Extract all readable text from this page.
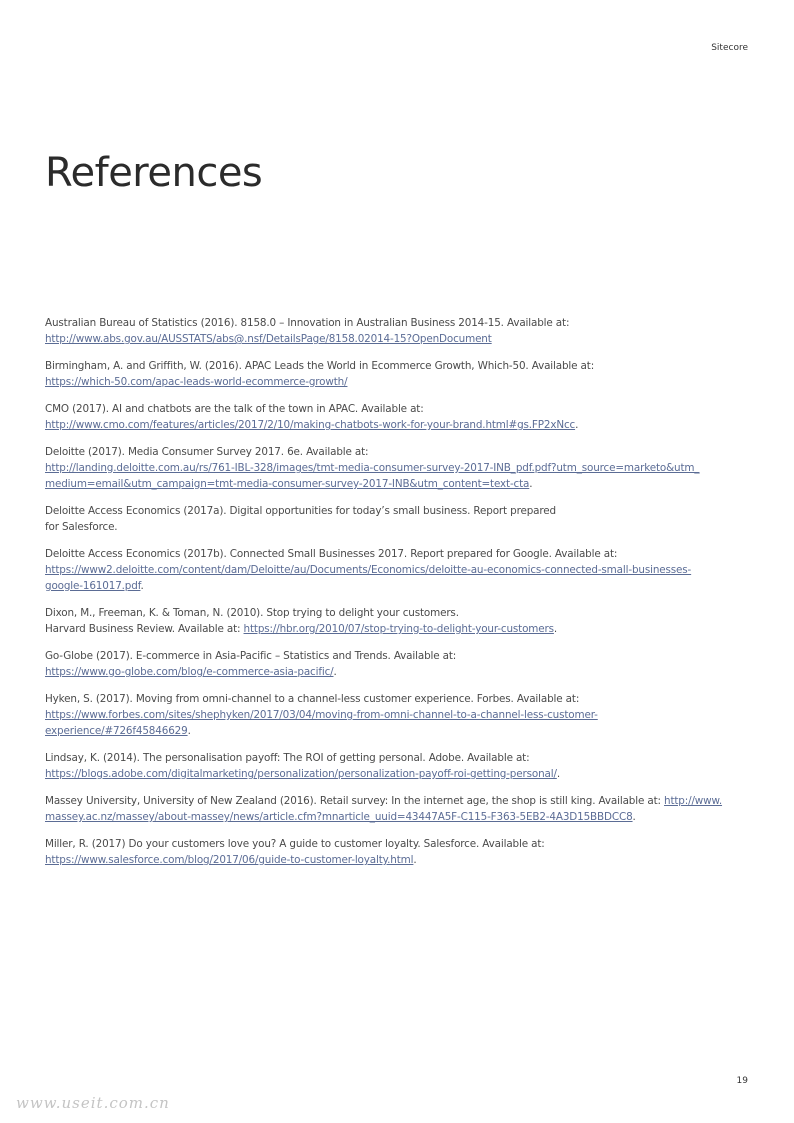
Sitecore
References

Australian Bureau of Statistics (2016). 8158.0 – Innovation in Australian Business 2014-15. Available at:
http://www.abs.gov.au/AUSSTATS/abs@.nsf/DetailsPage/8158.02014-15?OpenDocument

Birmingham, A. and Griffith, W. (2016). APAC Leads the World in Ecommerce Growth, Which-50. Available at:
https://which-50.com/apac-leads-world-ecommerce-growth/

CMO (2017). AI and chatbots are the talk of the town in APAC. Available at:
http://www.cmo.com/features/articles/2017/2/10/making-chatbots-work-for-your-brand.html#gs.FP2xNcc.

Deloitte (2017). Media Consumer Survey 2017. 6e. Available at:
http://landing.deloitte.com.au/rs/761-IBL-328/images/tmt-media-consumer-survey-2017-INB_pdf.pdf?utm_source=marketo&utm_
medium=email&utm_campaign=tmt-media-consumer-survey-2017-INB&utm_content=text-cta.

Deloitte Access Economics (2017a). Digital opportunities for today’s small business. Report prepared
for Salesforce.

Deloitte Access Economics (2017b). Connected Small Businesses 2017. Report prepared for Google. Available at:
https://www2.deloitte.com/content/dam/Deloitte/au/Documents/Economics/deloitte-au-economics-connected-small-businesses-
google-161017.pdf.

Dixon, M., Freeman, K. & Toman, N. (2010). Stop trying to delight your customers.
Harvard Business Review. Available at: https://hbr.org/2010/07/stop-trying-to-delight-your-customers.

Go-Globe (2017). E-commerce in Asia-Pacific – Statistics and Trends. Available at:
https://www.go-globe.com/blog/e-commerce-asia-pacific/.

Hyken, S. (2017). Moving from omni-channel to a channel-less customer experience. Forbes. Available at:
https://www.forbes.com/sites/shephyken/2017/03/04/moving-from-omni-channel-to-a-channel-less-customer-
experience/#726f45846629.

Lindsay, K. (2014). The personalisation payoff: The ROI of getting personal. Adobe. Available at:
https://blogs.adobe.com/digitalmarketing/personalization/personalization-payoff-roi-getting-personal/.

Massey University, University of New Zealand (2016). Retail survey: In the internet age, the shop is still king. Available at: http://www.
massey.ac.nz/massey/about-massey/news/article.cfm?mnarticle_uuid=43447A5F-C115-F363-5EB2-4A3D15BBDCC8.

Miller, R. (2017) Do your customers love you? A guide to customer loyalty. Salesforce. Available at:
https://www.salesforce.com/blog/2017/06/guide-to-customer-loyalty.html.

19
www.useit.com.cn
